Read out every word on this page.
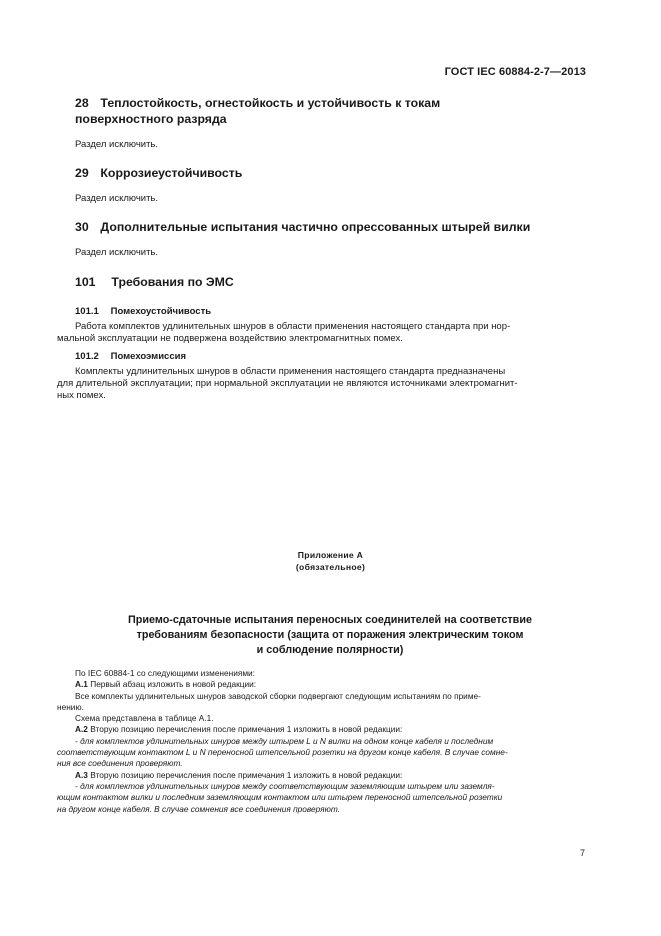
ГОСТ IEC 60884-2-7—2013
28 Теплостойкость, огнестойкость и устойчивость к токам
поверхностного разряда
Раздел исключить.
29 Коррозиеустойчивость
Раздел исключить.
30 Дополнительные испытания частично опрессованных штырей вилки
Раздел исключить.
101 Требования по ЭМС
101.1 Помехоустойчивость
Работа комплектов удлинительных шнуров в области применения настоящего стандарта при нор-
мальной эксплуатации не подвержена воздействию электромагнитных помех.
101.2 Помехоэмиссия
Комплекты удлинительных шнуров в области применения настоящего стандарта предназначены
для длительной эксплуатации; при нормальной эксплуатации не являются источниками электромагнит-
ных помех.
Приложение А
(обязательное)
Приемо-сдаточные испытания переносных соединителей на соответствие
требованиям безопасности (защита от поражения электрическим током
и соблюдение полярности)
По IEC 60884-1 со следующими изменениями:
А.1 Первый абзац изложить в новой редакции:
Все комплекты удлинительных шнуров заводской сборки подвергают следующим испытаниям по приме-
нению.
Схема представлена в таблице А.1.
А.2 Вторую позицию перечисления после примечания 1 изложить в новой редакции:
- для комплектов удлинительных шнуров между штырем L и N вилки на одном конце кабеля и последним
соответствующим контактом L и N переносной штепсельной розетки на другом конце кабеля. В случае сомне-
ния все соединения проверяют.
А.3 Вторую позицию перечисления после примечания 1 изложить в новой редакции:
- для комплектов удлинительных шнуров между соответствующим заземляющим штырем или заземля-
ющим контактом вилки и последним заземляющим контактом или штырем переносной штепсельной розетки
на другом конце кабеля. В случае сомнения все соединения проверяют.
7
